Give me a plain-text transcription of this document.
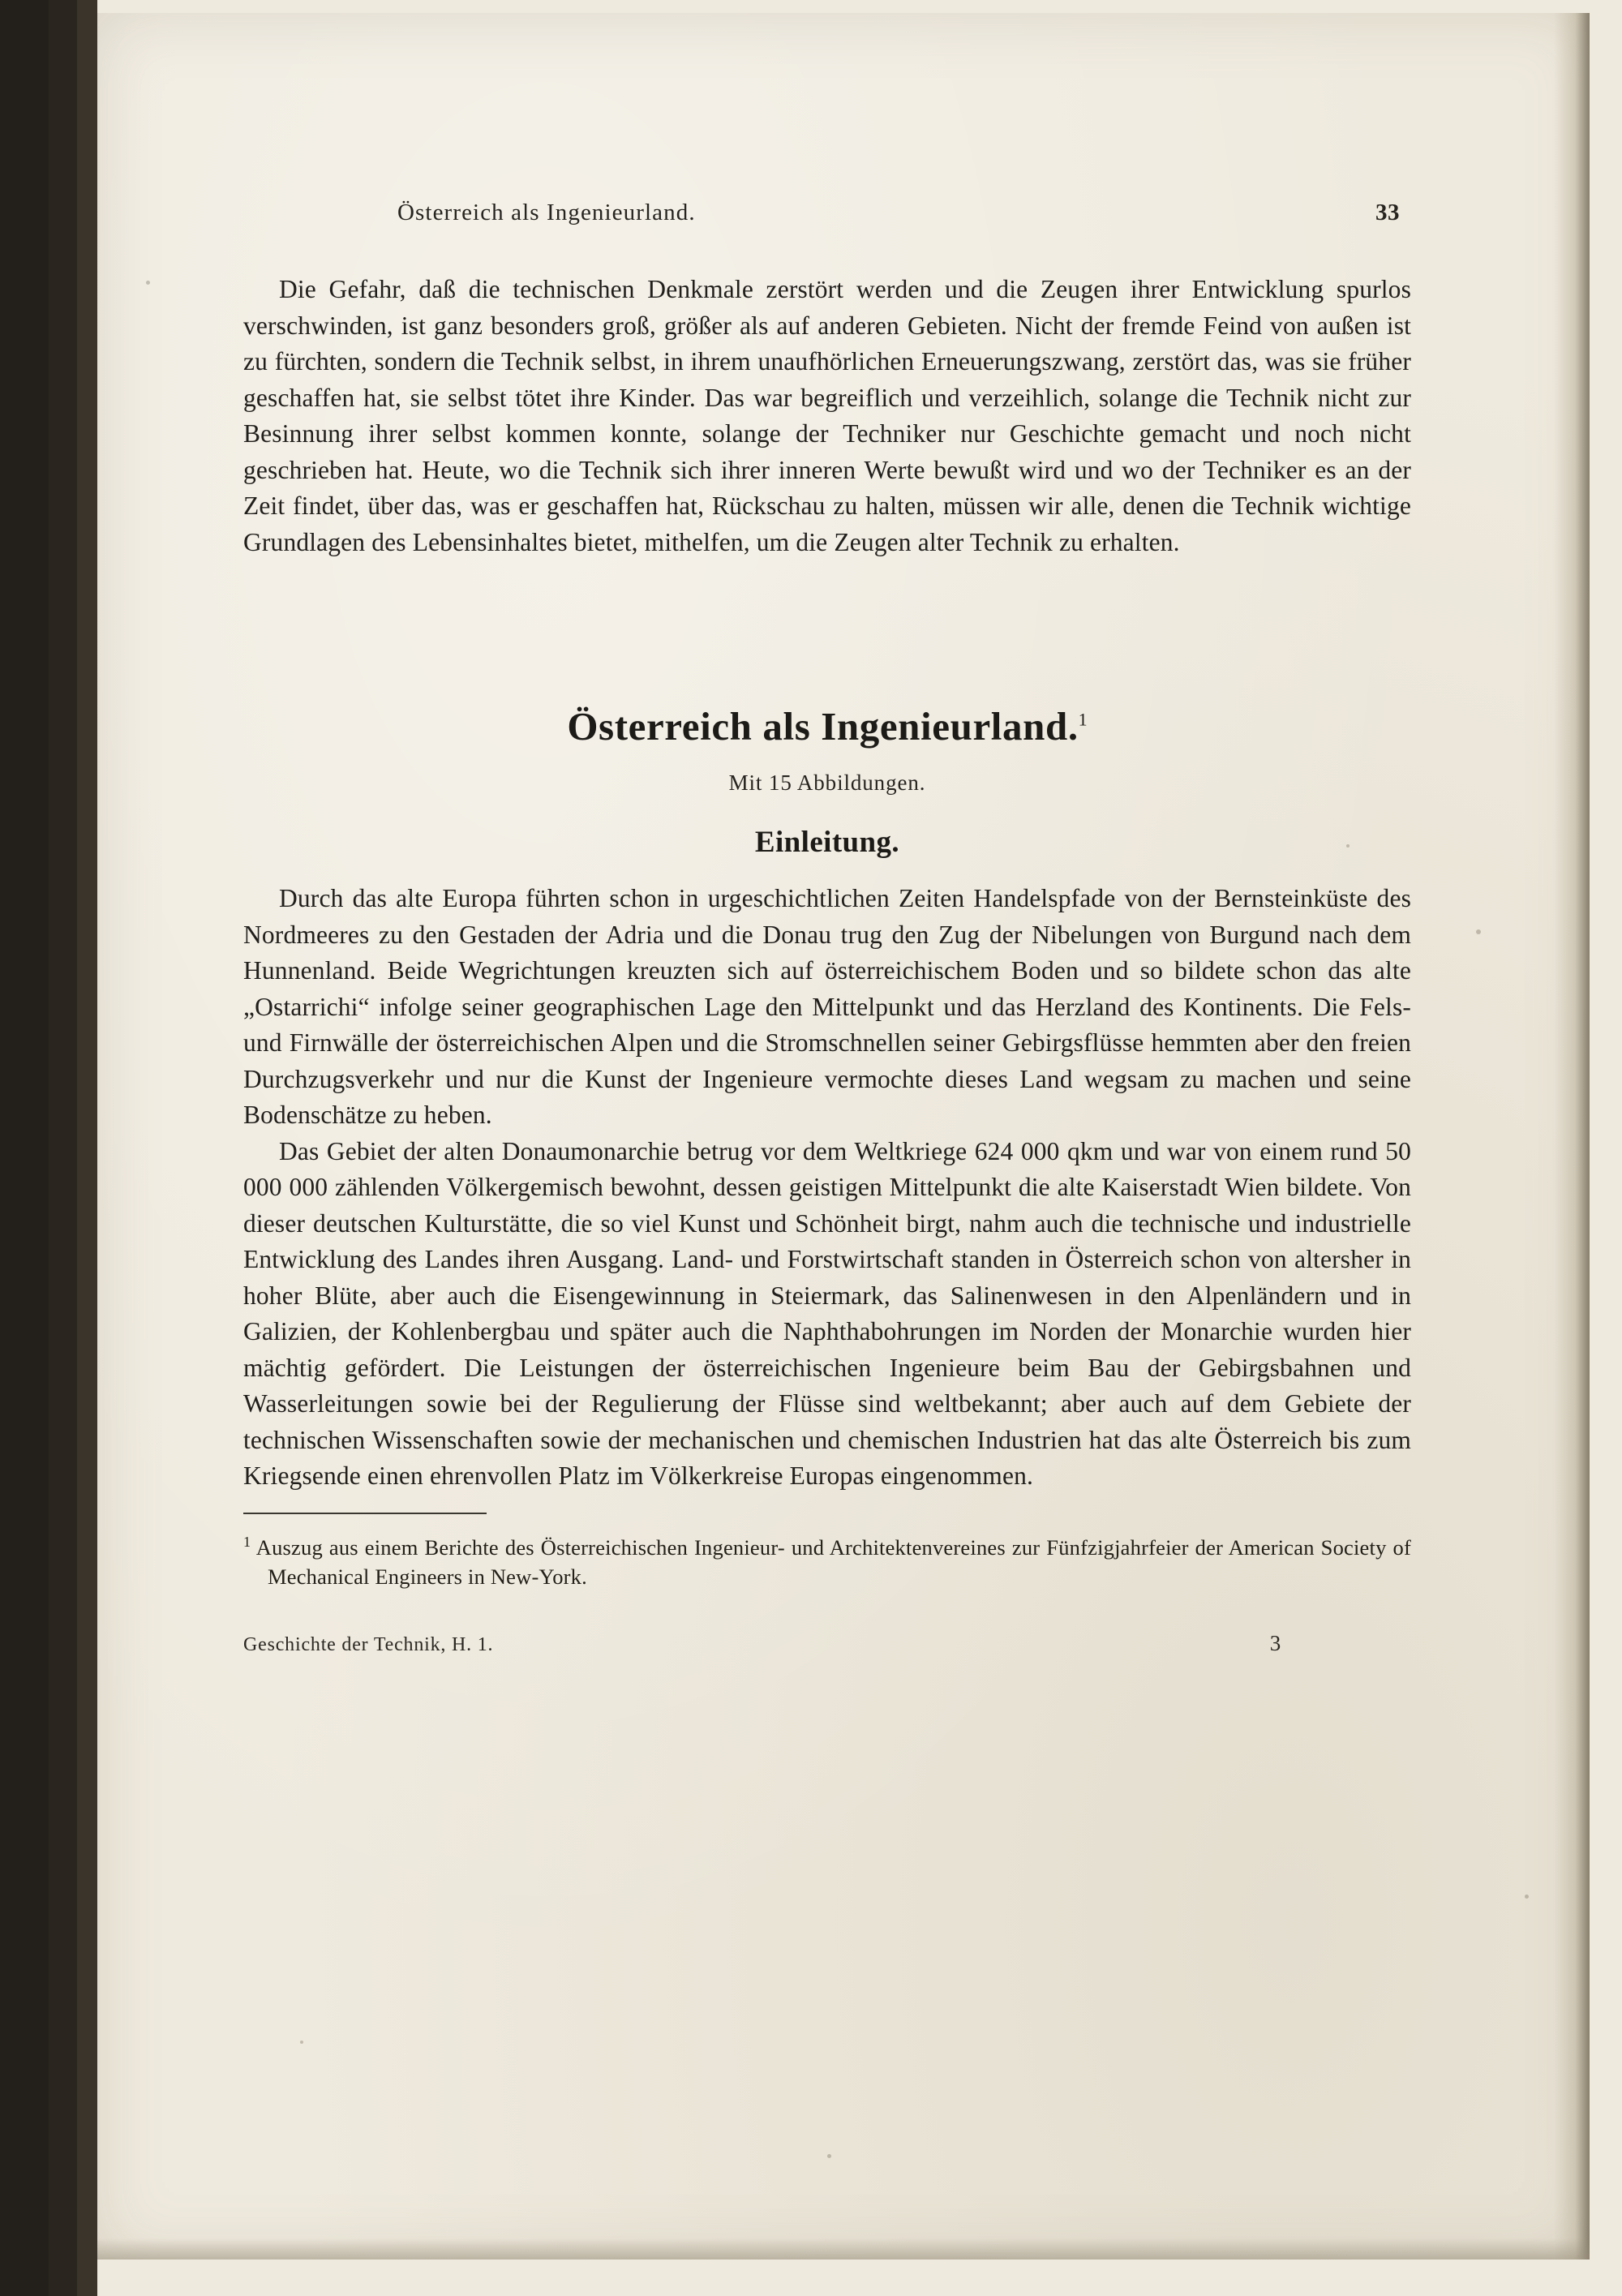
Österreich als Ingenieurland.	33

Die Gefahr, daß die technischen Denkmale zerstört werden und die Zeugen ihrer Entwicklung spurlos verschwinden, ist ganz besonders groß, größer als auf anderen Gebieten. Nicht der fremde Feind von außen ist zu fürchten, sondern die Technik selbst, in ihrem unaufhörlichen Erneuerungszwang, zerstört das, was sie früher geschaffen hat, sie selbst tötet ihre Kinder. Das war begreiflich und verzeihlich, solange die Technik nicht zur Besinnung ihrer selbst kommen konnte, solange der Techniker nur Geschichte gemacht und noch nicht geschrieben hat. Heute, wo die Technik sich ihrer inneren Werte bewußt wird und wo der Techniker es an der Zeit findet, über das, was er geschaffen hat, Rückschau zu halten, müssen wir alle, denen die Technik wichtige Grundlagen des Lebensinhaltes bietet, mithelfen, um die Zeugen alter Technik zu erhalten.

Österreich als Ingenieurland.$^1$
Mit 15 Abbildungen.
Einleitung.

Durch das alte Europa führten schon in urgeschichtlichen Zeiten Handelspfade von der Bernsteinküste des Nordmeeres zu den Gestaden der Adria und die Donau trug den Zug der Nibelungen von Burgund nach dem Hunnenland. Beide Wegrichtungen kreuzten sich auf österreichischem Boden und so bildete schon das alte „Ostarrichi“ infolge seiner geographischen Lage den Mittelpunkt und das Herzland des Kontinents. Die Fels- und Firnwälle der österreichischen Alpen und die Stromschnellen seiner Gebirgsflüsse hemmten aber den freien Durchzugsverkehr und nur die Kunst der Ingenieure vermochte dieses Land wegsam zu machen und seine Bodenschätze zu heben.

Das Gebiet der alten Donaumonarchie betrug vor dem Weltkriege 624 000 qkm und war von einem rund 50 000 000 zählenden Völkergemisch bewohnt, dessen geistigen Mittelpunkt die alte Kaiserstadt Wien bildete. Von dieser deutschen Kulturstätte, die so viel Kunst und Schönheit birgt, nahm auch die technische und industrielle Entwicklung des Landes ihren Ausgang. Land- und Forstwirtschaft standen in Österreich schon von altersher in hoher Blüte, aber auch die Eisengewinnung in Steiermark, das Salinenwesen in den Alpenländern und in Galizien, der Kohlenbergbau und später auch die Naphthabohrungen im Norden der Monarchie wurden hier mächtig gefördert. Die Leistungen der österreichischen Ingenieure beim Bau der Gebirgsbahnen und Wasserleitungen sowie bei der Regulierung der Flüsse sind weltbekannt; aber auch auf dem Gebiete der technischen Wissenschaften sowie der mechanischen und chemischen Industrien hat das alte Österreich bis zum Kriegsende einen ehrenvollen Platz im Völkerkreise Europas eingenommen.

$^1$ Auszug aus einem Berichte des Österreichischen Ingenieur- und Architektenvereines zur Fünfzigjahrfeier der American Society of Mechanical Engineers in New-York.

Geschichte der Technik, H. 1.	3
